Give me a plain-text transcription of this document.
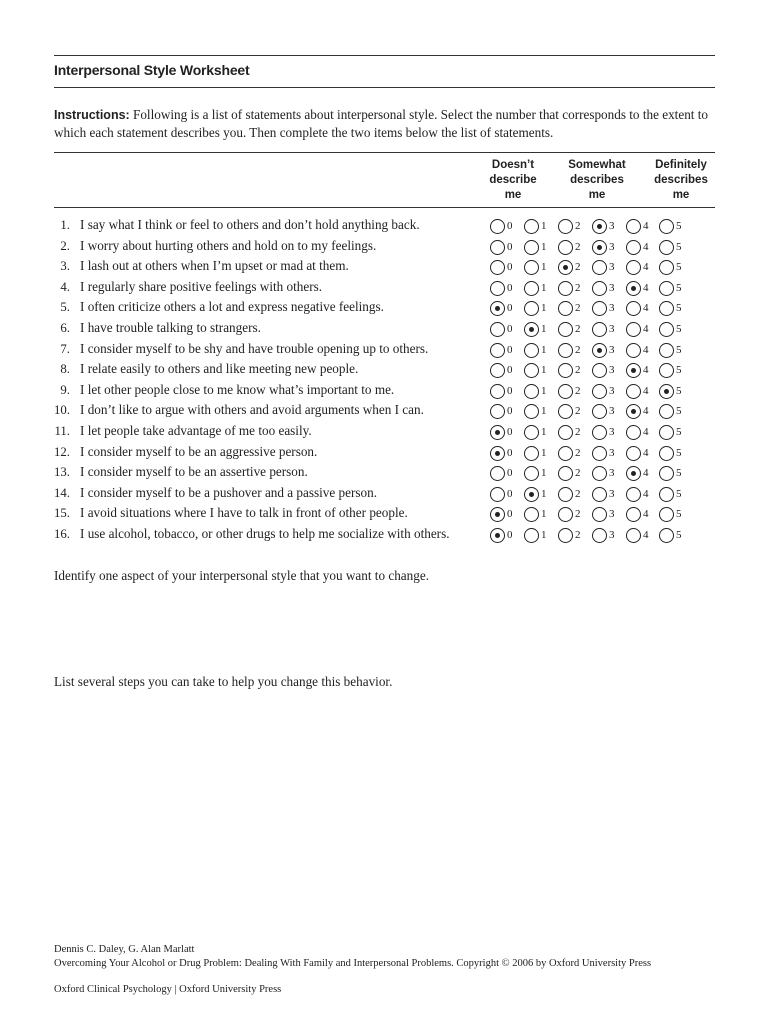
Interpersonal Style Worksheet
Instructions: Following is a list of statements about interpersonal style. Select the number that corresponds to the extent to which each statement describes you. Then complete the two items below the list of statements.
Doesn’t
describe
me
Somewhat
describes
me
Definitely
describes
me
1. I say what I think or feel to others and don’t hold anything back.	0	1	2	3	4	5
2. I worry about hurting others and hold on to my feelings.	0	1	2	3	4	5
3. I lash out at others when I’m upset or mad at them.	0	1	2	3	4	5
4. I regularly share positive feelings with others.	0	1	2	3	4	5
5. I often criticize others a lot and express negative feelings.	0	1	2	3	4	5
6. I have trouble talking to strangers.	0	1	2	3	4	5
7. I consider myself to be shy and have trouble opening up to others.	0	1	2	3	4	5
8. I relate easily to others and like meeting new people.	0	1	2	3	4	5
9. I let other people close to me know what’s important to me.	0	1	2	3	4	5
10. I don’t like to argue with others and avoid arguments when I can.	0	1	2	3	4	5
11. I let people take advantage of me too easily.	0	1	2	3	4	5
12. I consider myself to be an aggressive person.	0	1	2	3	4	5
13. I consider myself to be an assertive person.	0	1	2	3	4	5
14. I consider myself to be a pushover and a passive person.	0	1	2	3	4	5
15. I avoid situations where I have to talk in front of other people.	0	1	2	3	4	5
16. I use alcohol, tobacco, or other drugs to help me socialize with others.	0	1	2	3	4	5
Identify one aspect of your interpersonal style that you want to change.
List several steps you can take to help you change this behavior.
Dennis C. Daley, G. Alan Marlatt
Overcoming Your Alcohol or Drug Problem: Dealing With Family and Interpersonal Problems. Copyright © 2006 by Oxford University Press
Oxford Clinical Psychology | Oxford University Press
